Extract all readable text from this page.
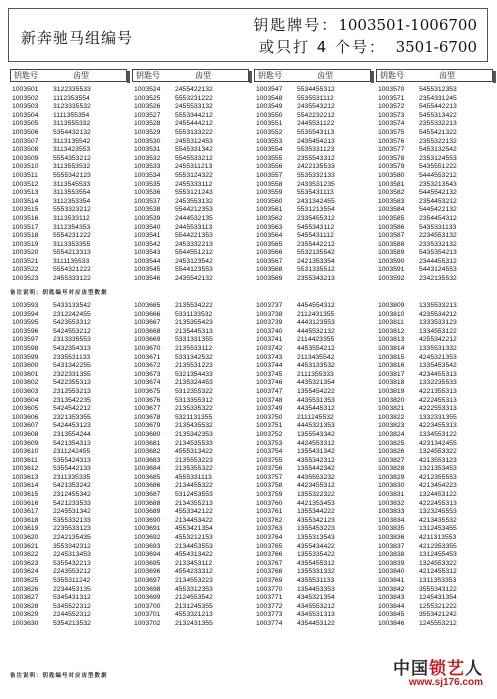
新奔驰马组编号
钥匙牌号：1003501-1006700
或只打 4 个号： 3501-6700
钥匙号	齿型	钥匙号	齿型	钥匙号	齿型	钥匙号	齿型
1003501 3122335533
1003502 1112353554
1003503 3123335532
1003504 1111355354
1003505 3113555332
1003506 5354432132
1003507 3113135542
1003508 3113423553
1003509 5554353212
1003510 3113553532
1003511 5555342123
1003512 3113545533
1003513 3113553554
1003514 3112353354
1003515 5553323212
1003516 3113533112
1003517 3112354353
1003518 5554231222
1003519 3113353355
1003520 5554213313
1003521 3111135533
1003522 5554321222
1003523 2455333122
1003524 2455422132
1003525 5553231222
1003526 2455533132
1003527 5553344212
1003528 2455444212
1003529 5553133222
1003530 2455312453
1003531 5545331342
1003532 5545533212
1003533 2455311213
1003534 5553124322
1003535 2455333112
1003536 5553121243
1003537 2453553132
1003538 5544212353
1003539 2444532135
1003540 2445533113
1003541 5544221353
1003542 2453332213
1003543 5544551212
1003544 2453123542
1003545 5544123553
1003546 2435542132
1003547 5534455312
1003548 5535531112
1003549 2435543212
1003550 5542232212
1003551 2445531122
1003552 5535543113
1003553 2435454213
1003554 5535331123
1003555 2355543312
1003556 2422135533
1003557 5535332133
1003558 2433531235
1003559 5535431113
1003560 2431342455
1003561 5531213554
1003562 2335455312
1003563 5455343112
1003564 5455431112
1003565 2355442212
1003566 5532135542
1003567 2421353354
1003568 5531335512
1003569 2355343213
1003570 5455312353
1003571 2354331245
1003572 5455442213
1003573 5455313422
1003574 2355332213
1003575 5455421322
1003576 2355322132
1003577 5453132542
1003578 2353124553
1003579 5435551222
1003580 5444553212
1003581 2353213543
1003582 5445542132
1003583 2354453212
1003584 5445422132
1003585 2354454312
1003586 5435331133
1003587 2234553132
1003588 2335332132
1003589 5435354213
1003590 2344455312
1003591 5443124553
1003592 2342135532
备注说明：钥匙编号对应齿型数据
1003593 5433133542
1003594 2312242455
1003595 5423553312
1003596 5424553212
1003597 2313335553
1003598 5432354313
1003599 2335531133
1003600 5431342255
1003601 2322331355
1003602 5422355313
1003603 2312553213
1003604 2313542235
1003605 5424542212
1003606 2321353355
1003607 5424453123
1003608 2313554244
1003609 5421354313
1003610 2311242455
1003611 5355424313
1003612 5355442133
1003613 2311335335
1003614 5421353242
1003615 2312455342
1003616 5421233533
1003617 2245531342
1003618 5355332133
1003619 2235533123
1003620 2242135435
1003621 3553342312
1003622 2245313453
1003623 5355432213
1003624 2243553212
1003625 5355311242
1003626 2234453135
1003627 5345431312
1003628 5345522312
1003629 2244552312
1003630 5354213532
1003665 2135534222
1003666 5331133532
1003667 2135355423
1003668 2135445313
1003669 5331331355
1003670 2135533112
1003671 5331342532
1003672 2135531223
1003673 5321354433
1003674 2135324453
1003675 5312355322
1003676 5313355312
1003677 2135335322
1003678 5321131355
1003679 2135435532
1003680 2135342353
1003681 2134535533
1003682 4555313422
1003683 2135553223
1003684 2135355322
1003685 4555331113
1003686 2134455322
1003687 5312453553
1003688 2134355213
1003689 4553342122
1003690 2134453422
1003691 4553421354
1003692 4553212153
1003693 2134453553
1003694 4554313422
1003695 2133453112
1003696 4554233312
1003697 2134553223
1003698 4553312353
1003699 2124553542
1003700 2131245355
1003701 4553321213
1003702 2132431355
1003737 4454554312
1003738 2112431355
1003739 4443123553
1003740 4445532132
1003741 2114423355
1003742 4453554212
1003743 2113435542
1003744 4453133532
1003745 2111355333
1003746 4435321354
1003747 1355454222
1003748 4435531353
1003749 4435445312
1003750 2111245532
1003751 4445321353
1003752 1355543342
1003753 4424553312
1003754 1355431342
1003755 4355342312
1003756 1355442342
1003757 4435553232
1003758 4423455312
1003759 1355322322
1003760 4421353453
1003761 1355344222
1003762 4355342123
1003763 1355453223
1003764 1355313543
1003765 4355434422
1003766 1355335422
1003767 4355455312
1003768 1355331332
1003769 4355531133
1003770 1354453353
1003771 4345321354
1003772 4345553212
1003773 4345531313
1003774 4354453122
1003809 1335533213
1003810 4235534212
1003811 1333533123
1003812 1334553122
1003813 4255342212
1003814 1335531332
1003815 4245321353
1003816 1335453542
1003817 4234455313
1003818 1332235533
1003819 4221355313
1003820 4222455313
1003821 4222553313
1003822 1332331355
1003823 4223455313
1003824 1334553122
1003825 4231342455
1003826 1324553322
1003827 4213553123
1003828 1321353453
1003829 4212355553
1003830 4213454223
1003831 1324453122
1003832 4222455313
1003833 1323245553
1003834 4213435532
1003835 1312453455
1003836 4211313553
1003837 4212353355
1003838 1312455453
1003839 1324553322
1003840 4212455312
1003841 1311353353
1003842 3555343122
1003843 1245431354
1003844 1255321222
1003845 3553421242
1003846 1245553212
备注说明：钥匙编号对应齿型数据	中国锁艺人
www.sj176.com
